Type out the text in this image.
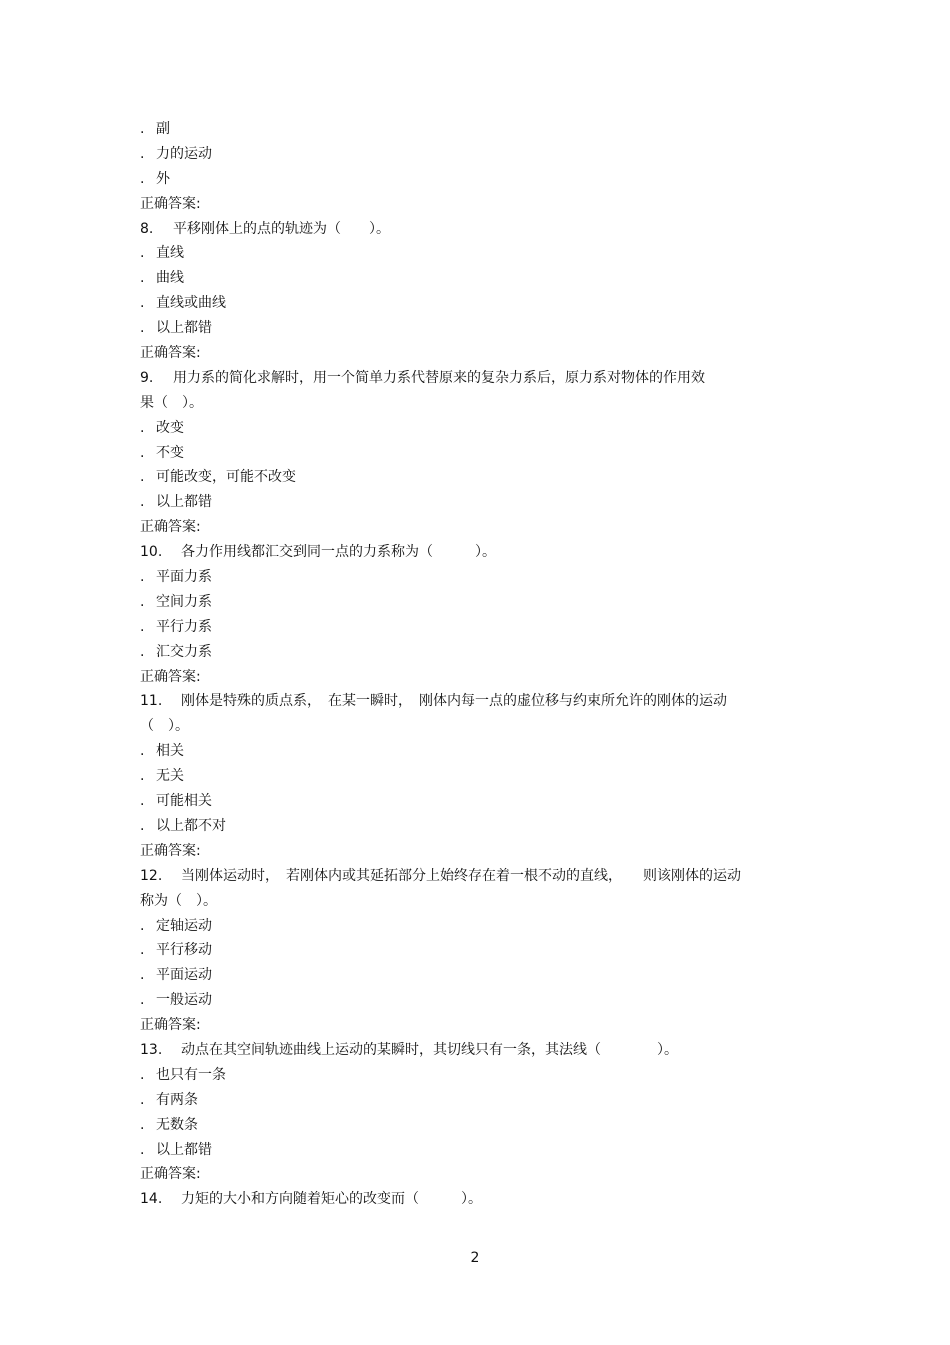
. 副
. 力的运动
. 外
正确答案:
8. 平移刚体上的点的轨迹为（　　）。
. 直线
. 曲线
. 直线或曲线
. 以上都错
正确答案:
9. 用力系的简化求解时，用一个简单力系代替原来的复杂力系后，原力系对物体的作用效
果（　）。
. 改变
. 不变
. 可能改变，可能不改变
. 以上都错
正确答案:
10. 各力作用线都汇交到同一点的力系称为（　　　）。
. 平面力系
. 空间力系
. 平行力系
. 汇交力系
正确答案:
11. 刚体是特殊的质点系，　在某一瞬时，　刚体内每一点的虚位移与约束所允许的刚体的运动
（　）。
. 相关
. 无关
. 可能相关
. 以上都不对
正确答案:
12. 当刚体运动时，　若刚体内或其延拓部分上始终存在着一根不动的直线，　　则该刚体的运动
称为（　）。
. 定轴运动
. 平行移动
. 平面运动
. 一般运动
正确答案:
13. 动点在其空间轨迹曲线上运动的某瞬时，其切线只有一条，其法线（　　　　）。
. 也只有一条
. 有两条
. 无数条
. 以上都错
正确答案:
14. 力矩的大小和方向随着矩心的改变而（　　　）。
2
